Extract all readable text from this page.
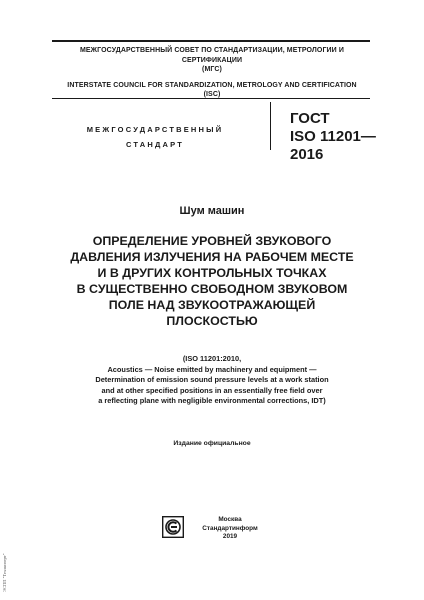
МЕЖГОСУДАРСТВЕННЫЙ СОВЕТ ПО СТАНДАРТИЗАЦИИ, МЕТРОЛОГИИ И СЕРТИФИКАЦИИ
(МГС)
INTERSTATE COUNCIL FOR STANDARDIZATION, METROLOGY AND CERTIFICATION
(ISC)
МЕЖГОСУДАРСТВЕННЫЙ
СТАНДАРТ
ГОСТ
ISO 11201—
2016
Шум машин
ОПРЕДЕЛЕНИЕ УРОВНЕЙ ЗВУКОВОГО
ДАВЛЕНИЯ ИЗЛУЧЕНИЯ НА РАБОЧЕМ МЕСТЕ
И В ДРУГИХ КОНТРОЛЬНЫХ ТОЧКАХ
В СУЩЕСТВЕННО СВОБОДНОМ ЗВУКОВОМ
ПОЛЕ НАД ЗВУКООТРАЖАЮЩЕЙ
ПЛОСКОСТЬЮ
(ISO 11201:2010,
Acoustics — Noise emitted by machinery and equipment —
Determination of emission sound pressure levels at a work station
and at other specified positions in an essentially free field over
a reflecting plane with negligible environmental corrections, IDT)
Издание официальное
Москва
Стандартинформ
2019
ЭСПП "Техэксперт"
